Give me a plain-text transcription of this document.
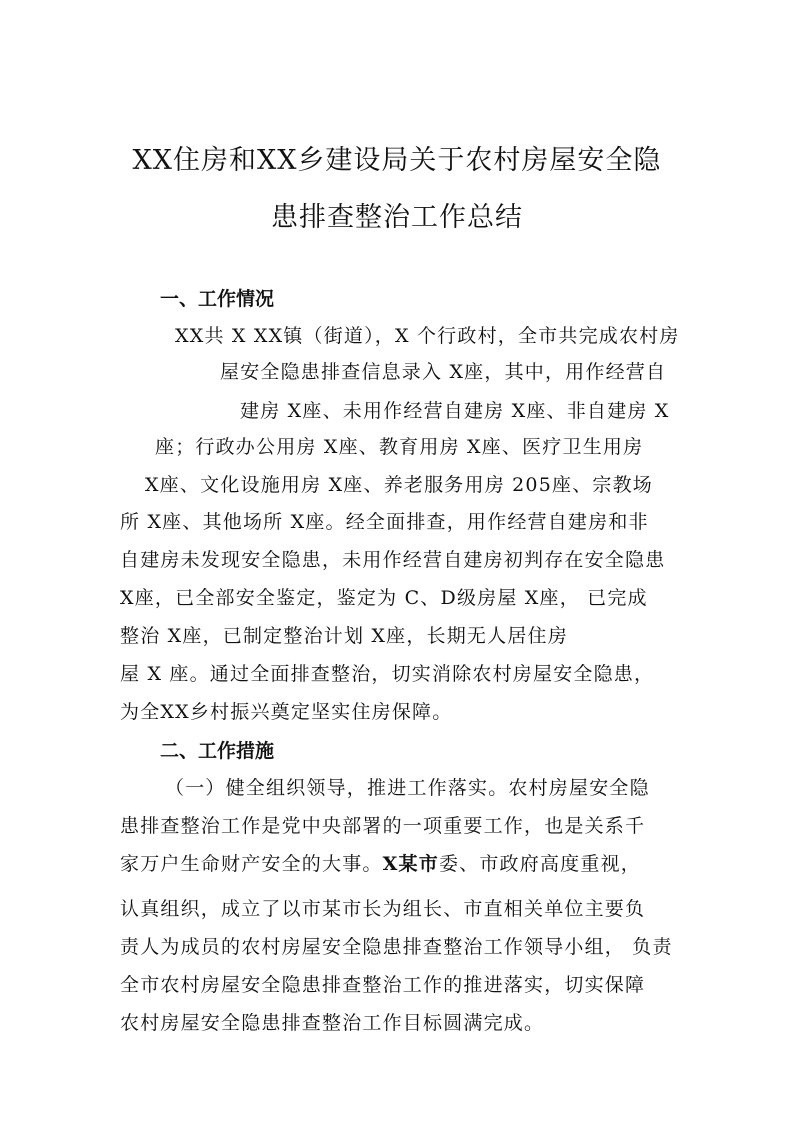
XX住房和XX乡建设局关于农村房屋安全隐
患排查整治工作总结
一、工作情况
XX共 X XX镇（街道），X 个行政村，全市共完成农村房
屋安全隐患排查信息录入 X座，其中，用作经营自
建房 X座、未用作经营自建房 X座、非自建房 X
座；行政办公用房 X座、教育用房 X座、医疗卫生用房
X座、文化设施用房 X座、养老服务用房 205座、宗教场
所 X座、其他场所 X座。经全面排查，用作经营自建房和非
自建房未发现安全隐患，未用作经营自建房初判存在安全隐患
X座，已全部安全鉴定，鉴定为 C、D级房屋 X座， 已完成
整治 X座，已制定整治计划 X座，长期无人居住房
屋 X 座。通过全面排查整治，切实消除农村房屋安全隐患，
为全XX乡村振兴奠定坚实住房保障。
二、工作措施
（一）健全组织领导，推进工作落实。农村房屋安全隐
患排查整治工作是党中央部署的一项重要工作，也是关系千
家万户生命财产安全的大事。X某市委、市政府高度重视，
认真组织，成立了以市某市长为组长、市直相关单位主要负
责人为成员的农村房屋安全隐患排查整治工作领导小组， 负责
全市农村房屋安全隐患排查整治工作的推进落实，切实保障
农村房屋安全隐患排查整治工作目标圆满完成。
